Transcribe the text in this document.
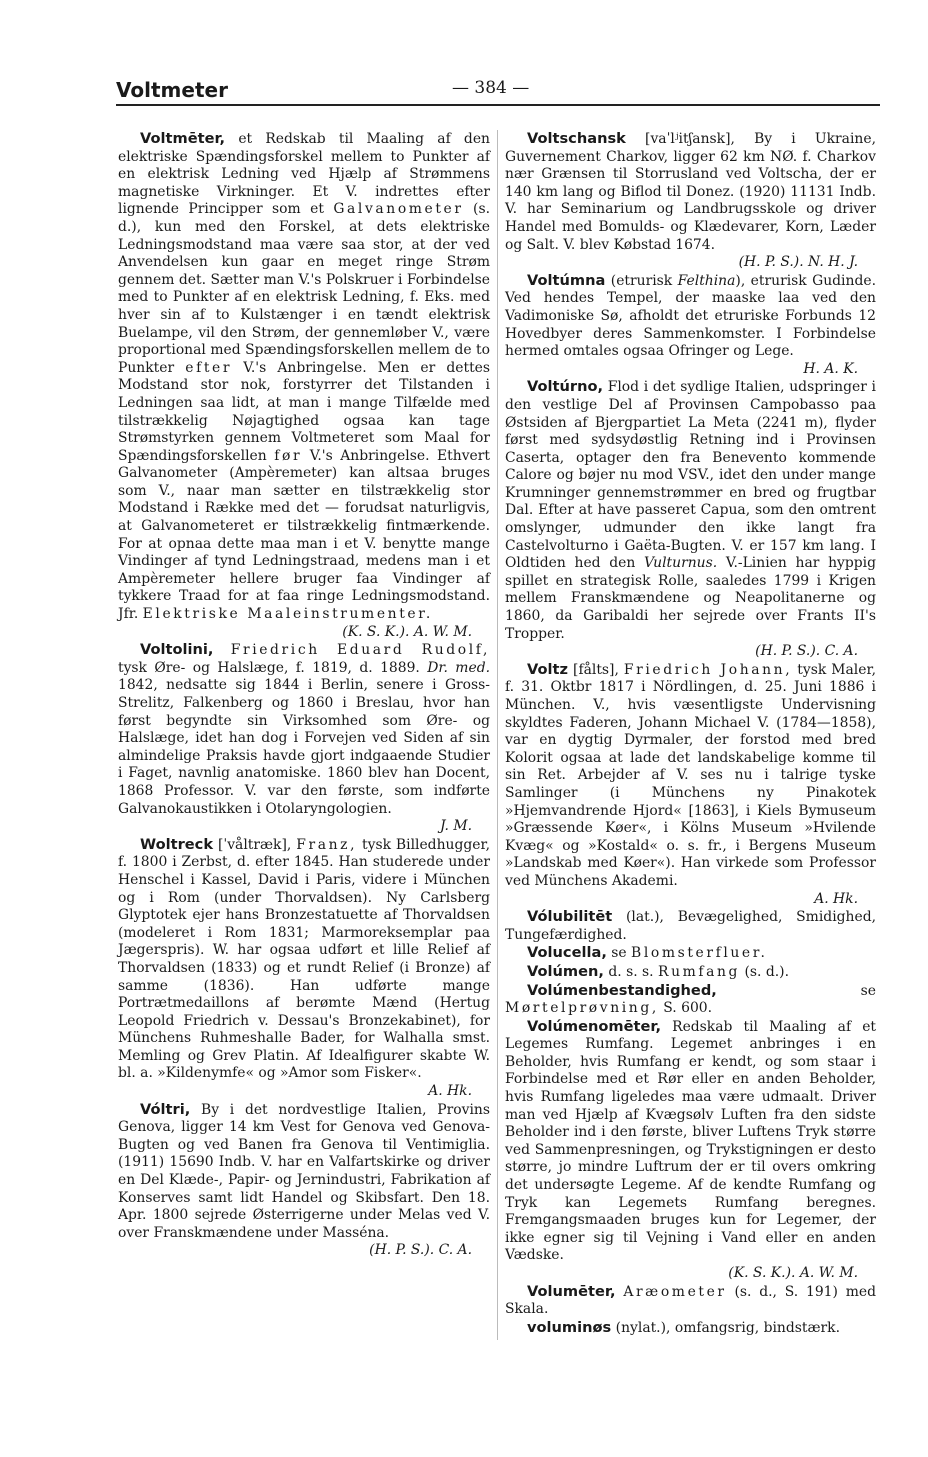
Voltmeter	— 384 —

Voltmēter, et Redskab til Maaling af den elektriske Spændingsforskel mellem to Punkter af en elektrisk Ledning ved Hjælp af Strømmens magnetiske Virkninger. Et V. indrettes efter lignende Principper som et Galvanometer (s. d.), kun med den Forskel, at dets elektriske Ledningsmodstand maa være saa stor, at der ved Anvendelsen kun gaar en meget ringe Strøm gennem det. Sætter man V.'s Polskruer i Forbindelse med to Punkter af en elektrisk Ledning, f. Eks. med hver sin af to Kulstænger i en tændt elektrisk Buelampe, vil den Strøm, der gennemløber V., være proportional med Spændingsforskellen mellem de to Punkter efter V.'s Anbringelse. Men er dettes Modstand stor nok, forstyrrer det Tilstanden i Ledningen saa lidt, at man i mange Tilfælde med tilstrækkelig Nøjagtighed ogsaa kan tage Strømstyrken gennem Voltmeteret som Maal for Spændingsforskellen før V.'s Anbringelse. Ethvert Galvanometer (Ampèremeter) kan altsaa bruges som V., naar man sætter en tilstrækkelig stor Modstand i Række med det — forudsat naturligvis, at Galvanometeret er tilstrækkelig fintmærkende. For at opnaa dette maa man i et V. benytte mange Vindinger af tynd Ledningstraad, medens man i et Ampèremeter hellere bruger faa Vindinger af tykkere Traad for at faa ringe Ledningsmodstand. Jfr. Elektriske Maaleinstrumenter.
(K. S. K.). A. W. M.

Voltolini, Friedrich Eduard Rudolf, tysk Øre- og Halslæge, f. 1819, d. 1889. Dr. med. 1842, nedsatte sig 1844 i Berlin, senere i Gross-Strelitz, Falkenberg og 1860 i Breslau, hvor han først begyndte sin Virksomhed som Øre- og Halslæge, idet han dog i Forvejen ved Siden af sin almindelige Praksis havde gjort indgaaende Studier i Faget, navnlig anatomiske. 1860 blev han Docent, 1868 Professor. V. var den første, som indførte Galvanokaustikken i Otolaryngologien.
J. M.

Woltreck [ˈvåltræk], Franz, tysk Billedhugger, f. 1800 i Zerbst, d. efter 1845. Han studerede under Henschel i Kassel, David i Paris, videre i München og i Rom (under Thorvaldsen). Ny Carlsberg Glyptotek ejer hans Bronzestatuette af Thorvaldsen (modeleret i Rom 1831; Marmoreksemplar paa Jægerspris). W. har ogsaa udført et lille Relief af Thorvaldsen (1833) og et rundt Relief (i Bronze) af samme (1836). Han udførte mange Portrætmedaillons af berømte Mænd (Hertug Leopold Friedrich v. Dessau's Bronzekabinet), for Münchens Ruhmeshalle Bader, for Walhalla smst. Memling og Grev Platin. Af Idealfigurer skabte W. bl. a. »Kildenymfe« og »Amor som Fisker«.
A. Hk.

Vóltri, By i det nordvestlige Italien, Provins Genova, ligger 14 km Vest for Genova ved Genova-Bugten og ved Banen fra Genova til Ventimiglia. (1911) 15690 Indb. V. har en Valfartskirke og driver en Del Klæde-, Papir- og Jernindustri, Fabrikation af Konserves samt lidt Handel og Skibsfart. Den 18. Apr. 1800 sejrede Østerrigerne under Melas ved V. over Franskmændene under Masséna.
(H. P. S.). C. A.

Voltschansk [vaˈlʲitʃansk], By i Ukraine, Guvernement Charkov, ligger 62 km NØ. f. Charkov nær Grænsen til Storrusland ved Voltscha, der er 140 km lang og Biflod til Donez. (1920) 11131 Indb. V. har Seminarium og Landbrugsskole og driver Handel med Bomulds- og Klædevarer, Korn, Læder og Salt. V. blev Købstad 1674.
(H. P. S.). N. H. J.

Voltúmna (etrurisk Felthina), etrurisk Gudinde. Ved hendes Tempel, der maaske laa ved den Vadimoniske Sø, afholdt det etruriske Forbunds 12 Hovedbyer deres Sammenkomster. I Forbindelse hermed omtales ogsaa Ofringer og Lege.
H. A. K.

Voltúrno, Flod i det sydlige Italien, udspringer i den vestlige Del af Provinsen Campobasso paa Østsiden af Bjergpartiet La Meta (2241 m), flyder først med sydsydøstlig Retning ind i Provinsen Caserta, optager den fra Benevento kommende Calore og bøjer nu mod VSV., idet den under mange Krumninger gennemstrømmer en bred og frugtbar Dal. Efter at have passeret Capua, som den omtrent omslynger, udmunder den ikke langt fra Castelvolturno i Gaëta-Bugten. V. er 157 km lang. I Oldtiden hed den Vulturnus. V.-Linien har hyppig spillet en strategisk Rolle, saaledes 1799 i Krigen mellem Franskmændene og Neapolitanerne og 1860, da Garibaldi her sejrede over Frants II's Tropper.
(H. P. S.). C. A.

Voltz [fålts], Friedrich Johann, tysk Maler, f. 31. Oktbr 1817 i Nördlingen, d. 25. Juni 1886 i München. V., hvis væsentligste Undervisning skyldtes Faderen, Johann Michael V. (1784—1858), var en dygtig Dyrmaler, der forstod med bred Kolorit ogsaa at lade det landskabelige komme til sin Ret. Arbejder af V. ses nu i talrige tyske Samlinger (i Münchens ny Pinakotek »Hjemvandrende Hjord« [1863], i Kiels Bymuseum »Græssende Køer«, i Kölns Museum »Hvilende Kvæg« og »Kostald« o. s. fr., i Bergens Museum »Landskab med Køer«). Han virkede som Professor ved Münchens Akademi.
A. Hk.

Vólubilitēt (lat.), Bevægelighed, Smidighed, Tungefærdighed.

Volucella, se Blomsterfluer.

Volúmen, d. s. s. Rumfang (s. d.).

Volúmenbestandighed, se Mørtelprøvning, S. 600.

Volúmenomēter, Redskab til Maaling af et Legemes Rumfang. Legemet anbringes i en Beholder, hvis Rumfang er kendt, og som staar i Forbindelse med et Rør eller en anden Beholder, hvis Rumfang ligeledes maa være udmaalt. Driver man ved Hjælp af Kvægsølv Luften fra den sidste Beholder ind i den første, bliver Luftens Tryk større ved Sammenpresningen, og Trykstigningen er desto større, jo mindre Luftrum der er til overs omkring det undersøgte Legeme. Af de kendte Rumfang og Tryk kan Legemets Rumfang beregnes. Fremgangsmaaden bruges kun for Legemer, der ikke egner sig til Vejning i Vand eller en anden Vædske.
(K. S. K.). A. W. M.

Volumēter, Aræometer (s. d., S. 191) med Skala.

voluminøs (nylat.), omfangsrig, bindstærk.
